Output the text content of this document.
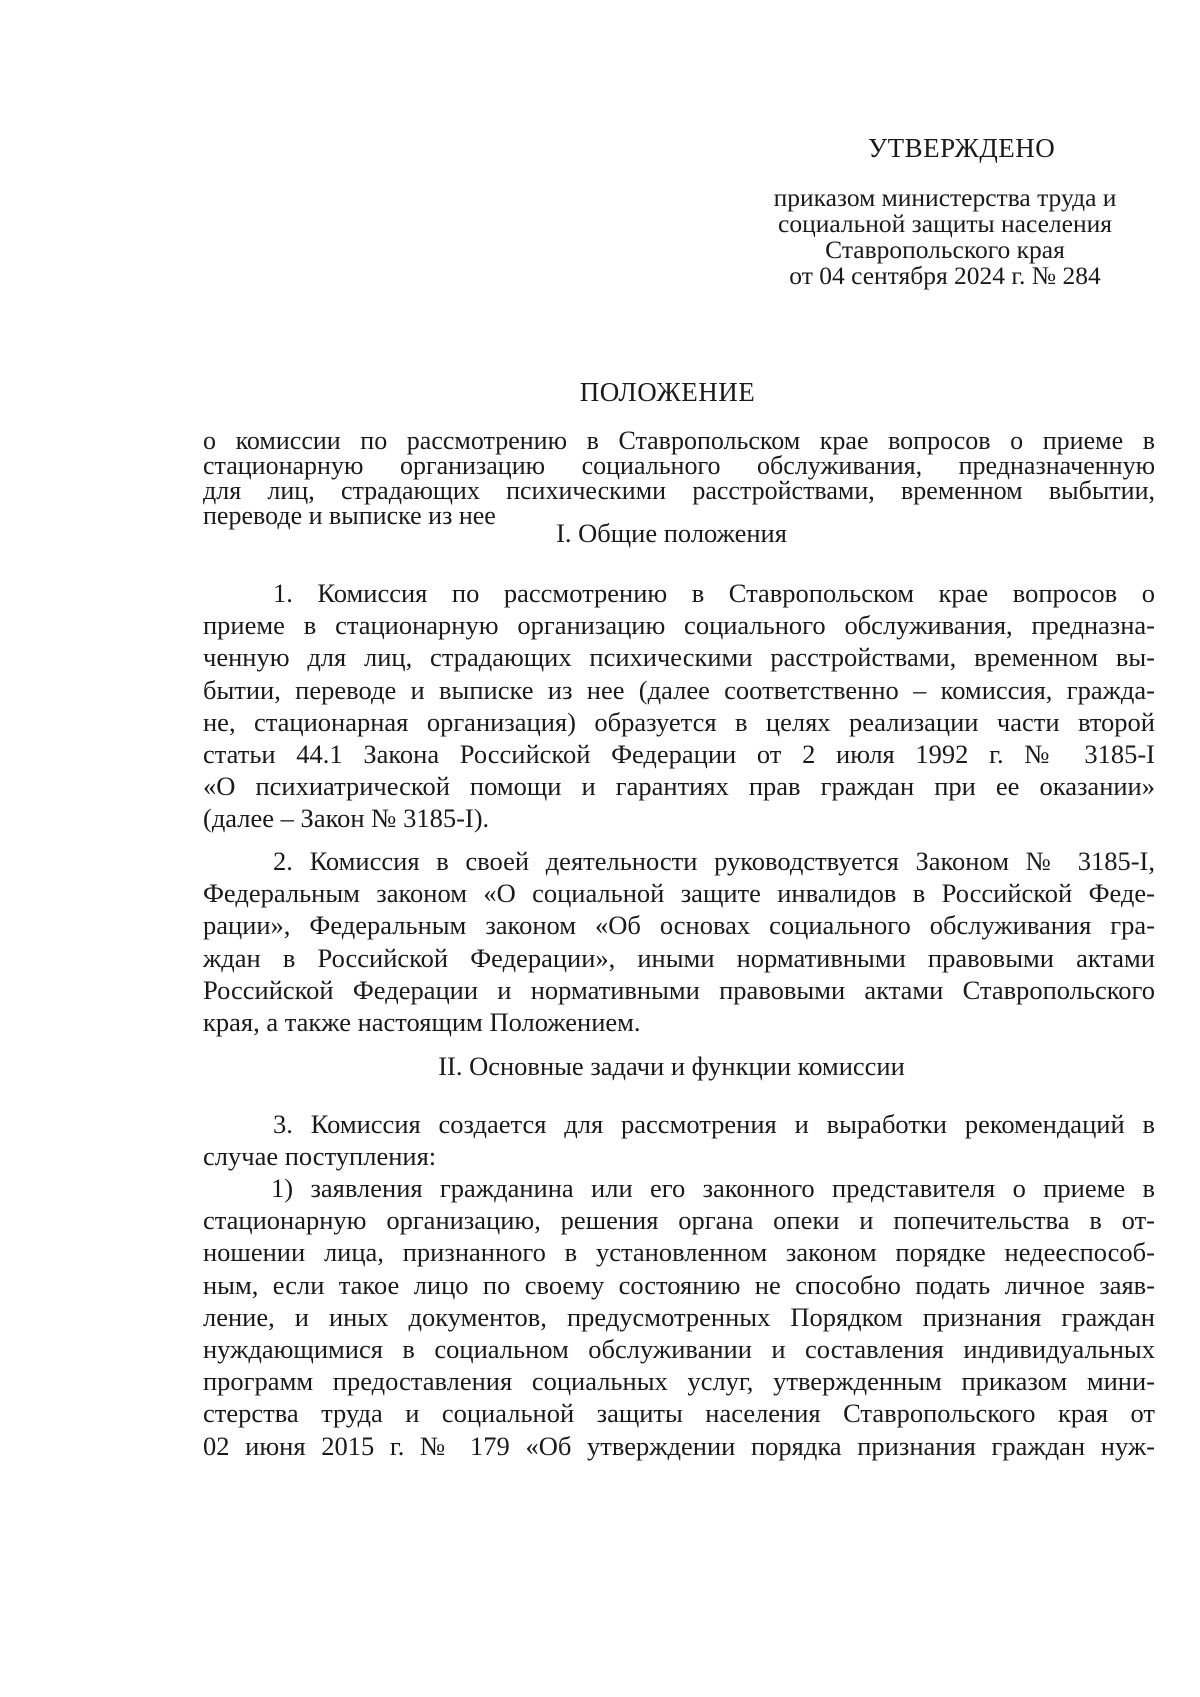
УТВЕРЖДЕНО
приказом министерства труда и
социальной защиты населения
Ставропольского края
от 04 сентября 2024 г. № 284
ПОЛОЖЕНИЕ
о комиссии по рассмотрению в Ставропольском крае вопросов о приеме в
стационарную организацию социального обслуживания, предназначенную
для лиц, страдающих психическими расстройствами, временном выбытии,
переводе и выписке из нее
I. Общие положения
1. Комиссия по рассмотрению в Ставропольском крае вопросов о
приеме в стационарную организацию социального обслуживания, предназна-
ченную для лиц, страдающих психическими расстройствами, временном вы-
бытии, переводе и выписке из нее (далее соответственно – комиссия, гражда-
не, стационарная организация) образуется в целях реализации части второй
статьи 44.1 Закона Российской Федерации от 2 июля 1992 г. № 3185-I
«О психиатрической помощи и гарантиях прав граждан при ее оказании»
(далее – Закон № 3185-I).
2. Комиссия в своей деятельности руководствуется Законом № 3185-I,
Федеральным законом «О социальной защите инвалидов в Российской Феде-
рации», Федеральным законом «Об основах социального обслуживания гра-
ждан в Российской Федерации», иными нормативными правовыми актами
Российской Федерации и нормативными правовыми актами Ставропольского
края, а также настоящим Положением.
II. Основные задачи и функции комиссии
3. Комиссия создается для рассмотрения и выработки рекомендаций в
случае поступления:
1) заявления гражданина или его законного представителя о приеме в
стационарную организацию, решения органа опеки и попечительства в от-
ношении лица, признанного в установленном законом порядке недееспособ-
ным, если такое лицо по своему состоянию не способно подать личное заяв-
ление, и иных документов, предусмотренных Порядком признания граждан
нуждающимися в социальном обслуживании и составления индивидуальных
программ предоставления социальных услуг, утвержденным приказом мини-
стерства труда и социальной защиты населения Ставропольского края от
02 июня 2015 г. № 179 «Об утверждении порядка признания граждан нуж-
